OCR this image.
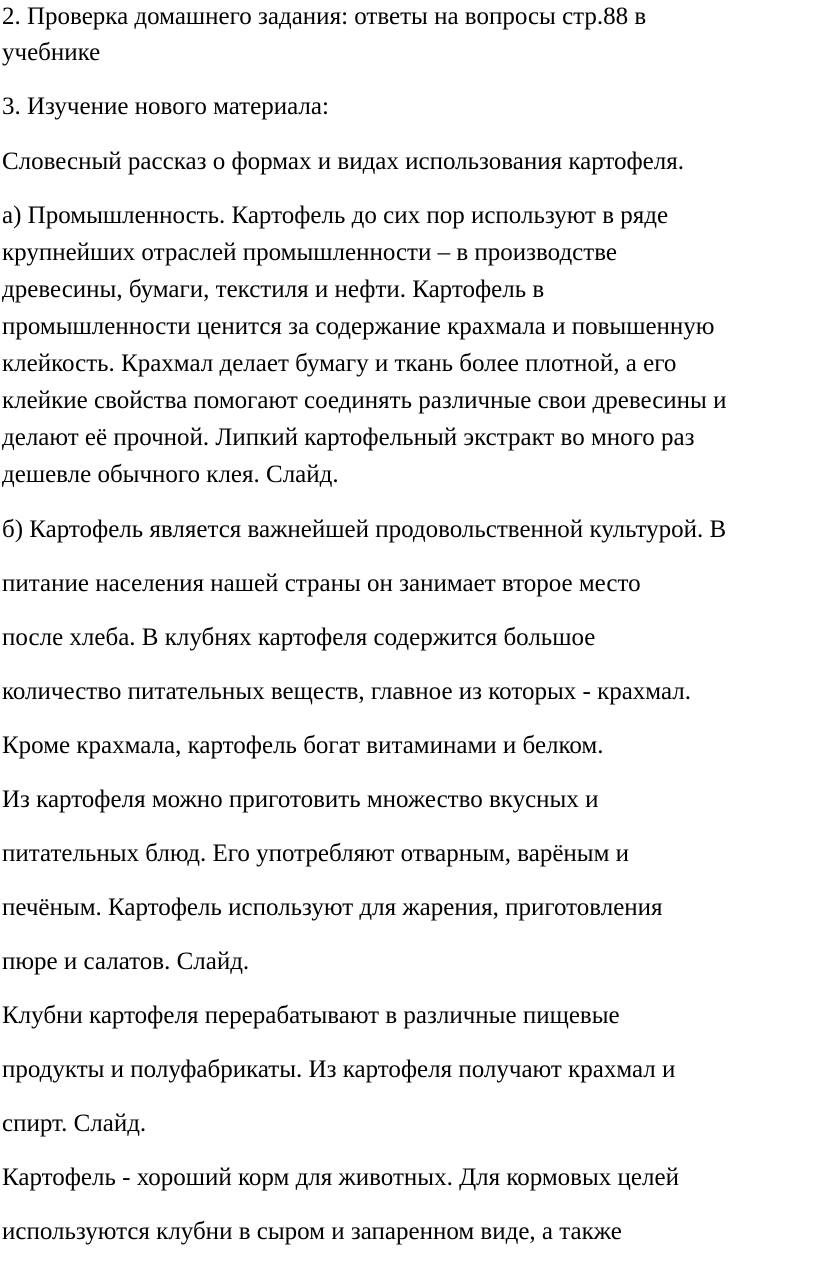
2. Проверка домашнего задания: ответы на вопросы стр.88 в
учебнике
3. Изучение нового материала:
Словесный рассказ о формах и видах использования картофеля.
а) Промышленность. Картофель до сих пор используют в ряде
крупнейших отраслей промышленности – в производстве
древесины, бумаги, текстиля и нефти. Картофель в
промышленности ценится за содержание крахмала и повышенную
клейкость. Крахмал делает бумагу и ткань более плотной, а его
клейкие свойства помогают соединять различные свои древесины и
делают её прочной. Липкий картофельный экстракт во много раз
дешевле обычного клея. Слайд.
б) Картофель является важнейшей продовольственной культурой. В
питание населения нашей страны он занимает второе место
после хлеба. В клубнях картофеля содержится большое
количество питательных веществ, главное из которых - крахмал.
Кроме крахмала, картофель богат витаминами и белком.
Из картофеля можно приготовить множество вкусных и
питательных блюд. Его употребляют отварным, варёным и
печёным. Картофель используют для жарения, приготовления
пюре и салатов. Слайд.
Клубни картофеля перерабатывают в различные пищевые
продукты и полуфабрикаты. Из картофеля получают крахмал и
спирт. Слайд.
Картофель - хороший корм для животных. Для кормовых целей
используются клубни в сыром и запаренном виде, а также
